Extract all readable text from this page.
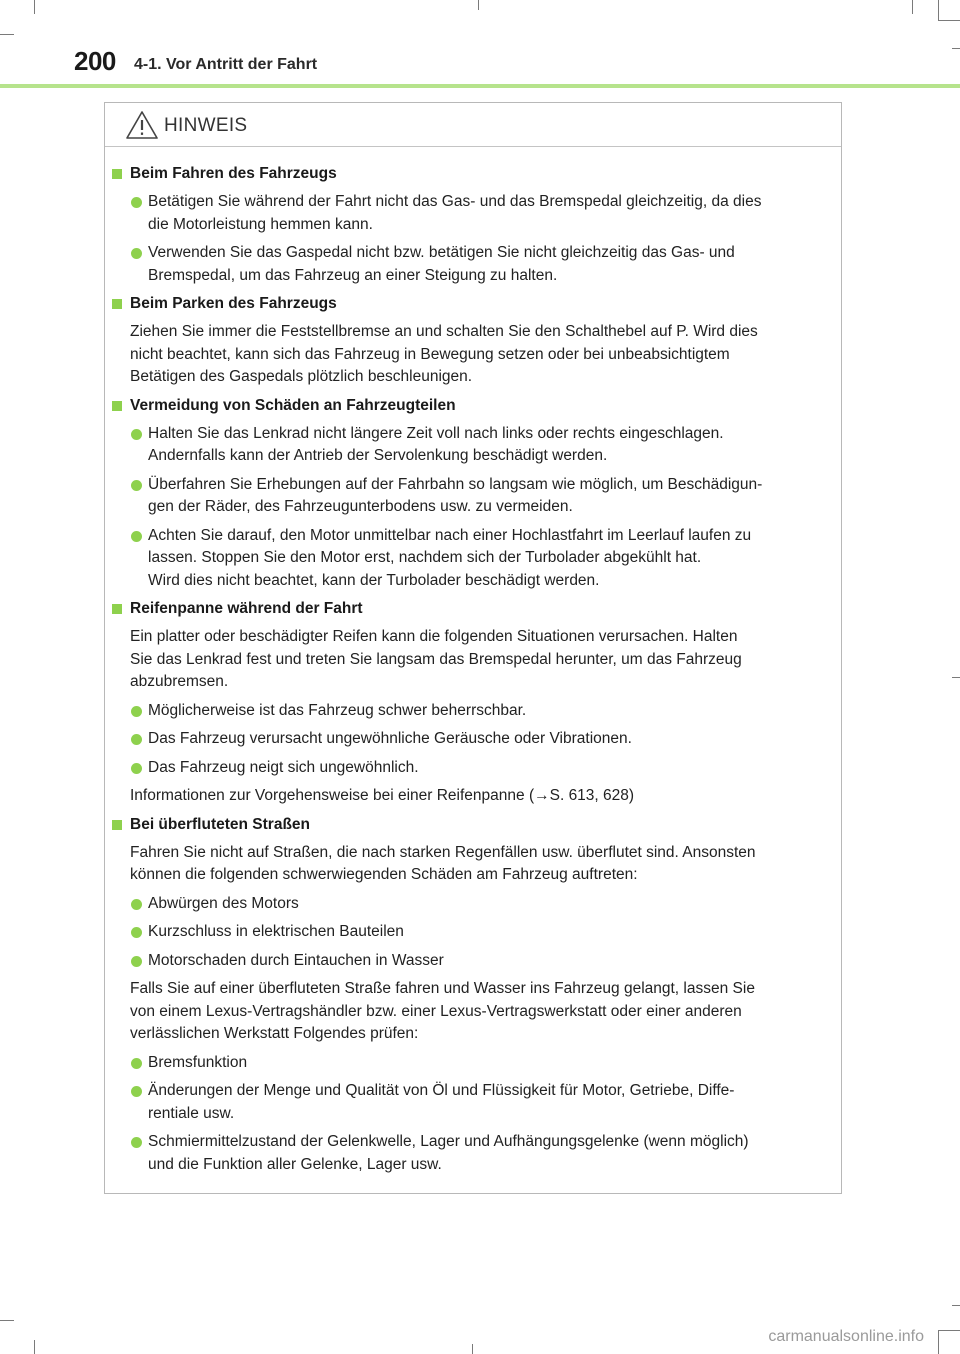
200 4-1. Vor Antritt der Fahrt
HINWEIS
Beim Fahren des Fahrzeugs
Betätigen Sie während der Fahrt nicht das Gas- und das Bremspedal gleichzeitig, da dies
die Motorleistung hemmen kann.
Verwenden Sie das Gaspedal nicht bzw. betätigen Sie nicht gleichzeitig das Gas- und
Bremspedal, um das Fahrzeug an einer Steigung zu halten.
Beim Parken des Fahrzeugs
Ziehen Sie immer die Feststellbremse an und schalten Sie den Schalthebel auf P. Wird dies
nicht beachtet, kann sich das Fahrzeug in Bewegung setzen oder bei unbeabsichtigtem
Betätigen des Gaspedals plötzlich beschleunigen.
Vermeidung von Schäden an Fahrzeugteilen
Halten Sie das Lenkrad nicht längere Zeit voll nach links oder rechts eingeschlagen.
Andernfalls kann der Antrieb der Servolenkung beschädigt werden.
Überfahren Sie Erhebungen auf der Fahrbahn so langsam wie möglich, um Beschädigun-
gen der Räder, des Fahrzeugunterbodens usw. zu vermeiden.
Achten Sie darauf, den Motor unmittelbar nach einer Hochlastfahrt im Leerlauf laufen zu
lassen. Stoppen Sie den Motor erst, nachdem sich der Turbolader abgekühlt hat.
Wird dies nicht beachtet, kann der Turbolader beschädigt werden.
Reifenpanne während der Fahrt
Ein platter oder beschädigter Reifen kann die folgenden Situationen verursachen. Halten
Sie das Lenkrad fest und treten Sie langsam das Bremspedal herunter, um das Fahrzeug
abzubremsen.
Möglicherweise ist das Fahrzeug schwer beherrschbar.
Das Fahrzeug verursacht ungewöhnliche Geräusche oder Vibrationen.
Das Fahrzeug neigt sich ungewöhnlich.
Informationen zur Vorgehensweise bei einer Reifenpanne (→S. 613, 628)
Bei überfluteten Straßen
Fahren Sie nicht auf Straßen, die nach starken Regenfällen usw. überflutet sind. Ansonsten
können die folgenden schwerwiegenden Schäden am Fahrzeug auftreten:
Abwürgen des Motors
Kurzschluss in elektrischen Bauteilen
Motorschaden durch Eintauchen in Wasser
Falls Sie auf einer überfluteten Straße fahren und Wasser ins Fahrzeug gelangt, lassen Sie
von einem Lexus-Vertragshändler bzw. einer Lexus-Vertragswerkstatt oder einer anderen
verlässlichen Werkstatt Folgendes prüfen:
Bremsfunktion
Änderungen der Menge und Qualität von Öl und Flüssigkeit für Motor, Getriebe, Diffe-
rentiale usw.
Schmiermittelzustand der Gelenkwelle, Lager und Aufhängungsgelenke (wenn möglich)
und die Funktion aller Gelenke, Lager usw.
carmanualsonline.info
